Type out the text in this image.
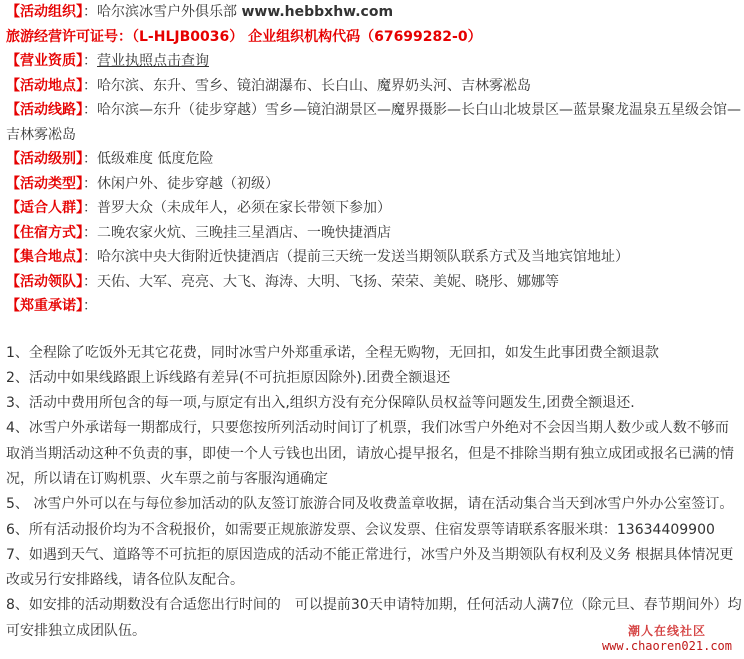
【活动组织】：哈尔滨冰雪户外俱乐部 www.hebbxhw.com
旅游经营许可证号：（L-HLJB0036） 企业组织机构代码（67699282-0）
【营业资质】：营业执照点击查询
【活动地点】：哈尔滨、东升、雪乡、镜泊湖瀑布、长白山、魔界奶头河、吉林雾凇岛
【活动线路】：哈尔滨—东升（徒步穿越）雪乡—镜泊湖景区—魔界摄影—长白山北坡景区—蓝景聚龙温泉五星级会馆—吉林雾凇岛
【活动级别】：低级难度 低度危险
【活动类型】：休闲户外、徒步穿越（初级）
【适合人群】：普罗大众（未成年人，必须在家长带领下参加）
【住宿方式】：二晚农家火炕、三晚挂三星酒店、一晚快捷酒店
【集合地点】：哈尔滨中央大街附近快捷酒店（提前三天统一发送当期领队联系方式及当地宾馆地址）
【活动领队】：天佑、大军、亮亮、大飞、海涛、大明、飞扬、荣荣、美妮、晓彤、娜娜等
【郑重承诺】：
1、全程除了吃饭外无其它花费，同时冰雪户外郑重承诺，全程无购物，无回扣，如发生此事团费全额退款
2、活动中如果线路跟上诉线路有差异(不可抗拒原因除外).团费全额退还
3、活动中费用所包含的每一项,与原定有出入,组织方没有充分保障队员权益等问题发生,团费全额退还.
4、冰雪户外承诺每一期都成行，只要您按所列活动时间订了机票，我们冰雪户外绝对不会因当期人数少或人数不够而取消当期活动这种不负责的事，即使一个人亏钱也出团，请放心提早报名，但是不排除当期有独立成团或报名已满的情况，所以请在订购机票、火车票之前与客服沟通确定
5、 冰雪户外可以在与每位参加活动的队友签订旅游合同及收费盖章收据，请在活动集合当天到冰雪户外办公室签订。
6、所有活动报价均为不含税报价，如需要正规旅游发票、会议发票、住宿发票等请联系客服米琪：13634409900
7、如遇到天气、道路等不可抗拒的原因造成的活动不能正常进行，冰雪户外及当期领队有权利及义务 根据具体情况更改或另行安排路线，请各位队友配合。
8、如安排的活动期数没有合适您出行时间的　可以提前30天申请特加期，任何活动人满7位（除元旦、春节期间外）均可安排独立成团队伍。	潮人在线社区
www.chaoren021.com
